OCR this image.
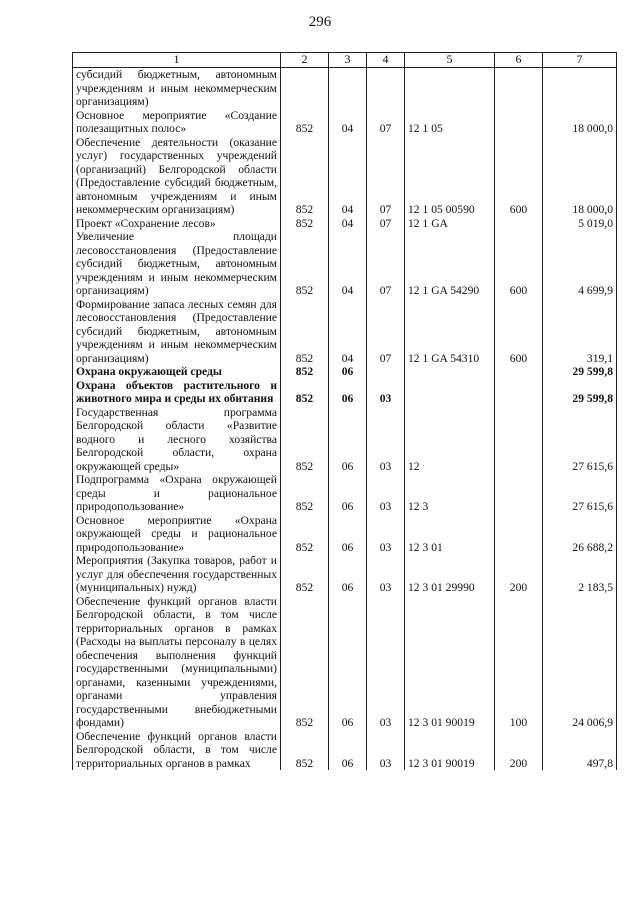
296
1	2	3	4	5	6	7
субсидий бюджетным, автономным учреждениям и иным некоммерческим организациям)						
Основное мероприятие «Создание полезащитных полос»	852	04	07	12 1 05		18 000,0
Обеспечение деятельности (оказание услуг) государственных учреждений (организаций) Белгородской области (Предоставление субсидий бюджетным, автономным учреждениям и иным некоммерческим организациям)	852	04	07	12 1 05 00590	600	18 000,0
Проект «Сохранение лесов»	852	04	07	12 1 GA		5 019,0
Увеличение площади лесовосстановления (Предоставление субсидий бюджетным, автономным учреждениям и иным некоммерческим организациям)	852	04	07	12 1 GA 54290	600	4 699,9
Формирование запаса лесных семян для лесовосстановления (Предоставление субсидий бюджетным, автономным учреждениям и иным некоммерческим организациям)	852	04	07	12 1 GA 54310	600	319,1
Охрана окружающей среды	852	06				29 599,8
Охрана объектов растительного и животного мира и среды их обитания	852	06	03			29 599,8
Государственная программа Белгородской области «Развитие водного и лесного хозяйства Белгородской области, охрана окружающей среды»	852	06	03	12		27 615,6
Подпрограмма «Охрана окружающей среды и рациональное природопользование»	852	06	03	12 3		27 615,6
Основное мероприятие «Охрана окружающей среды и рациональное природопользование»	852	06	03	12 3 01		26 688,2
Мероприятия (Закупка товаров, работ и услуг для обеспечения государственных (муниципальных) нужд)	852	06	03	12 3 01 29990	200	2 183,5
Обеспечение функций органов власти Белгородской области, в том числе территориальных органов в рамках (Расходы на выплаты персоналу в целях обеспечения выполнения функций государственными (муниципальными) органами, казенными учреждениями, органами управления государственными внебюджетными фондами)	852	06	03	12 3 01 90019	100	24 006,9
Обеспечение функций органов власти Белгородской области, в том числе территориальных органов в рамках	852	06	03	12 3 01 90019	200	497,8
